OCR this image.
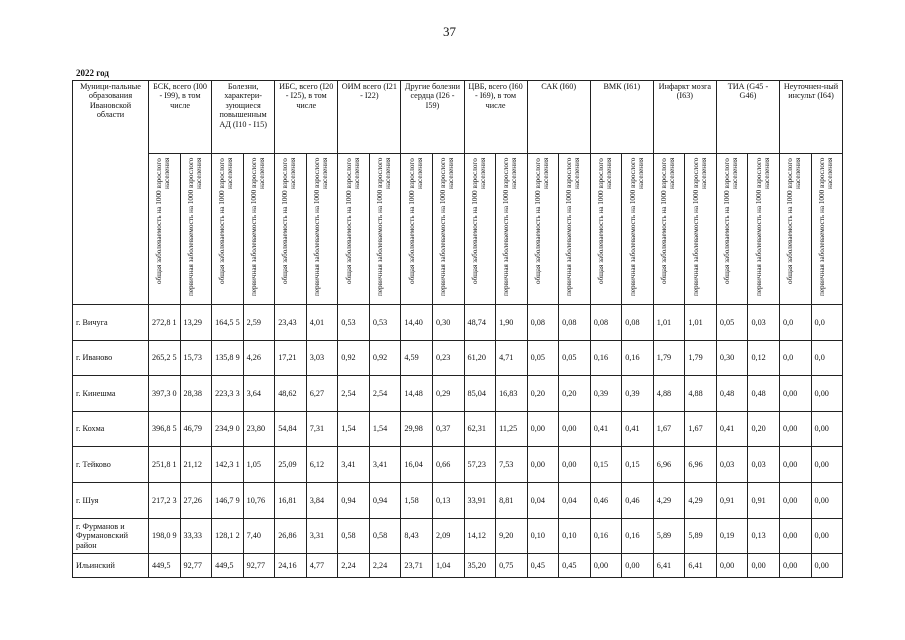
37
2022 год
Муници-пальные образования Ивановской области	БСК, всего (I00 - I99), в том числе		Болезни, характери-зующиеся повышенным АД (I10 - I15)		ИБС, всего (I20 - I25), в том числе		ОИМ всего (I21 - I22)		Другие болезни сердца (I26 - I59)		ЦВБ, всего (I60 - I69), в том числе		САК (I60)		ВМК (I61)		Инфаркт мозга (I63)		ТИА (G45 - G46)		Неуточнен-ный инсульт (I64)	

	общая заболеваемость на 1000 взрослого населения	первичная заболеваемость на 1000 взрослого населения	общая заболеваемость на 1000 взрослого населения	первичная заболеваемость на 1000 взрослого населения	общая заболеваемость на 1000 взрослого населения	первичная заболеваемость на 1000 взрослого населения	общая заболеваемость на 1000 взрослого населения	первичная заболеваемость на 1000 взрослого населения	общая заболеваемость на 1000 взрослого населения	первичная заболеваемость на 1000 взрослого населения	общая заболеваемость на 1000 взрослого населения	первичная заболеваемость на 1000 взрослого населения	общая заболеваемость на 1000 взрослого населения	первичная заболеваемость на 1000 взрослого населения	общая заболеваемость на 1000 взрослого населения	первичная заболеваемость на 1000 взрослого населения	общая заболеваемость на 1000 взрослого населения	первичная заболеваемость на 1000 взрослого населения	общая заболеваемость на 1000 взрослого населения	первичная заболеваемость на 1000 взрослого населения	общая заболеваемость на 1000 взрослого населения	первичная заболеваемость на 1000 взрослого населения

г. Вичуга	272,8 1	13,29	164,5 5	2,59	23,43	4,01	0,53	0,53	14,40	0,30	48,74	1,90	0,08	0,08	0,08	0,08	1,01	1,01	0,05	0,03	0,0	0,0
г. Иваново	265,2 5	15,73	135,8 9	4,26	17,21	3,03	0,92	0,92	4,59	0,23	61,20	4,71	0,05	0,05	0,16	0,16	1,79	1,79	0,30	0,12	0,0	0,0
г. Кинешма	397,3 0	28,38	223,3 3	3,64	48,62	6,27	2,54	2,54	14,48	0,29	85,04	16,83	0,20	0,20	0,39	0,39	4,88	4,88	0,48	0,48	0,00	0,00
г. Кохма	396,8 5	46,79	234,9 0	23,80	54,84	7,31	1,54	1,54	29,98	0,37	62,31	11,25	0,00	0,00	0,41	0,41	1,67	1,67	0,41	0,20	0,00	0,00
г. Тейково	251,8 1	21,12	142,3 1	1,05	25,09	6,12	3,41	3,41	16,04	0,66	57,23	7,53	0,00	0,00	0,15	0,15	6,96	6,96	0,03	0,03	0,00	0,00
г. Шуя	217,2 3	27,26	146,7 9	10,76	16,81	3,84	0,94	0,94	1,58	0,13	33,91	8,81	0,04	0,04	0,46	0,46	4,29	4,29	0,91	0,91	0,00	0,00
г. Фурманов и Фурмановский район	198,0 9	33,33	128,1 2	7,40	26,86	3,31	0,58	0,58	8,43	2,09	14,12	9,20	0,10	0,10	0,16	0,16	5,89	5,89	0,19	0,13	0,00	0,00
Ильинский	449,5	92,77	449,5	92,77	24,16	4,77	2,24	2,24	23,71	1,04	35,20	0,75	0,45	0,45	0,00	0,00	6,41	6,41	0,00	0,00	0,00	0,00
